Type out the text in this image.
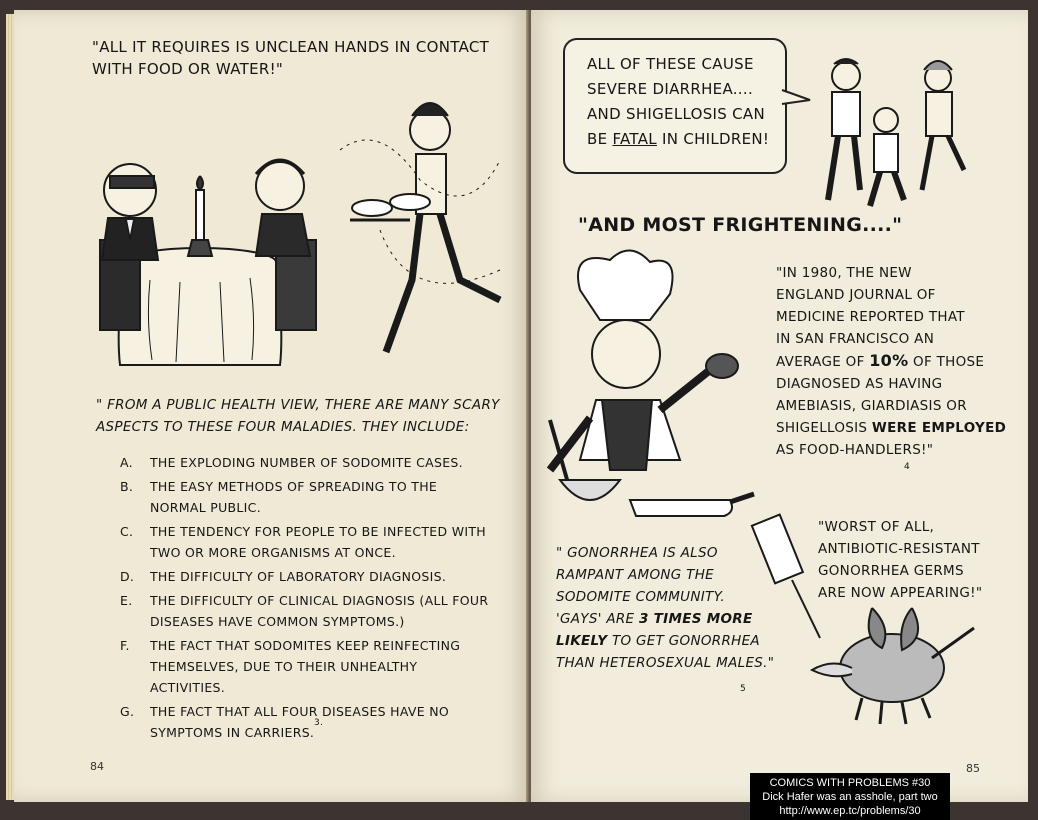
"ALL IT REQUIRES IS UNCLEAN HANDS IN CONTACT
WITH FOOD OR WATER!"
" FROM A PUBLIC HEALTH VIEW, THERE ARE MANY SCARY
ASPECTS TO THESE FOUR MALADIES. THEY INCLUDE:
A. THE EXPLODING NUMBER OF SODOMITE CASES.
B. THE EASY METHODS OF SPREADING TO THE NORMAL PUBLIC.
C. THE TENDENCY FOR PEOPLE TO BE INFECTED WITH TWO OR MORE ORGANISMS AT ONCE.
D. THE DIFFICULTY OF LABORATORY DIAGNOSIS.
E. THE DIFFICULTY OF CLINICAL DIAGNOSIS (ALL FOUR DISEASES HAVE COMMON SYMPTOMS.)
F. THE FACT THAT SODOMITES KEEP REINFECTING THEMSELVES, DUE TO THEIR UNHEALTHY ACTIVITIES.
G. THE FACT THAT ALL FOUR DISEASES HAVE NO SYMPTOMS IN CARRIERS.
3.
84
ALL OF THESE CAUSE
SEVERE DIARRHEA....
AND SHIGELLOSIS CAN
BE FATAL IN CHILDREN!
"AND MOST FRIGHTENING...."
"IN 1980, THE NEW
ENGLAND JOURNAL OF
MEDICINE REPORTED THAT
IN SAN FRANCISCO AN
AVERAGE OF 10% OF THOSE
DIAGNOSED AS HAVING
AMEBIASIS, GIARDIASIS OR
SHIGELLOSIS WERE EMPLOYED
AS FOOD-HANDLERS!"
4
" GONORRHEA IS ALSO
RAMPANT AMONG THE
SODOMITE COMMUNITY.
'GAYS' ARE 3 TIMES MORE
LIKELY TO GET GONORRHEA
THAN HETEROSEXUAL MALES."
5
"WORST OF ALL,
ANTIBIOTIC-RESISTANT
GONORRHEA GERMS
ARE NOW APPEARING!"
85
COMICS WITH PROBLEMS #30
Dick Hafer was an asshole, part two
http://www.ep.tc/problems/30
